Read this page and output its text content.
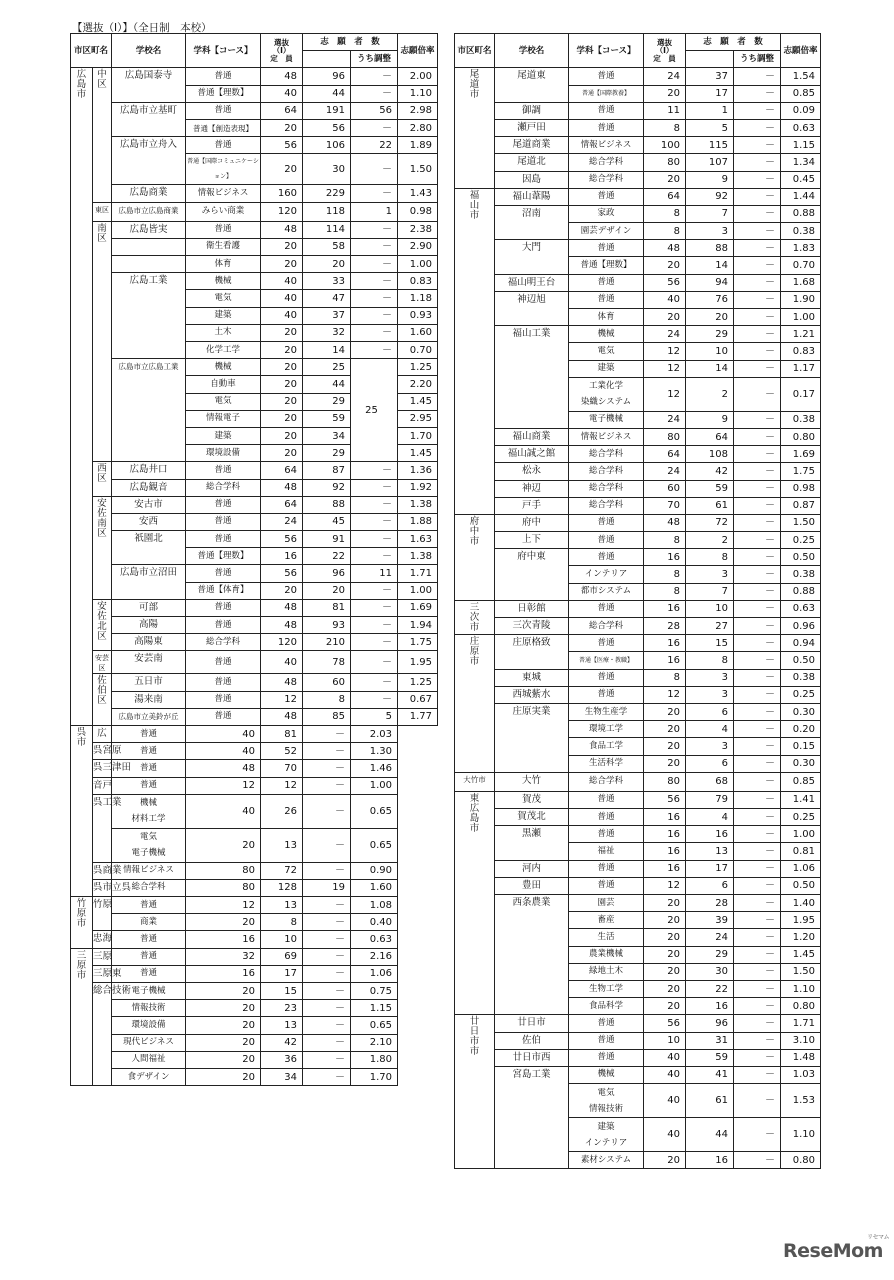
【選抜（Ⅰ）】（全日制　本校）
市区町名		学校名	学科【コース】	選抜
（Ⅰ）
定　員	志　願　者　数		志願倍率
						うち調整	
広
島
市	中
区	広島国泰寺	普通	48	96	－	2.00
			普通【理数】	40	44	－	1.10
		広島市立基町	普通	64	191	56	2.98
			普通【創造表現】	20	56	－	2.80
		広島市立舟入	普通	56	106	22	1.89
			普通【国際コミュニケーション】	20	30	－	1.50
		広島商業	情報ビジネス	160	229	－	1.43
	東区	広島市立広島商業	みらい商業	120	118	1	0.98
	南
区	広島皆実	普通	48	114	－	2.38
			衛生看護	20	58	－	2.90
			体育	20	20	－	1.00
		広島工業	機械	40	33	－	0.83
			電気	40	47	－	1.18
			建築	40	37	－	0.93
			土木	20	32	－	1.60
			化学工学	20	14	－	0.70
		広島市立広島工業	機械	20	25	25	1.25
			自動車	20	44		2.20
			電気	20	29		1.45
			情報電子	20	59		2.95
			建築	20	34		1.70
			環境設備	20	29		1.45
	西
区	広島井口	普通	64	87	－	1.36
		広島観音	総合学科	48	92	－	1.92
	安
佐
南
区	安古市	普通	64	88	－	1.38
		安西	普通	24	45	－	1.88
		祇園北	普通	56	91	－	1.63
			普通【理数】	16	22	－	1.38
		広島市立沼田	普通	56	96	11	1.71
			普通【体育】	20	20	－	1.00
	安
佐
北
区	可部	普通	48	81	－	1.69
		高陽	普通	48	93	－	1.94
		高陽東	総合学科	120	210	－	1.75
	安芸
区	安芸南	普通	40	78	－	1.95
	佐
伯
区	五日市	普通	48	60	－	1.25
		湯来南	普通	12	8	－	0.67
		広島市立美鈴が丘	普通	48	85	5	1.77
呉
市	広	普通	40	81	－	2.03	
	呉宮原	普通	40	52	－	1.30	
	呉三津田	普通	48	70	－	1.46	
	音戸	普通	12	12	－	1.00	
	呉工業	機械
材料工学	40	26	－	0.65	
		電気
電子機械	20	13	－	0.65	
	呉商業	情報ビジネス	80	72	－	0.90	
	呉市立呉	総合学科	80	128	19	1.60	
竹
原
市	竹原	普通	12	13	－	1.08	
		商業	20	8	－	0.40	
	忠海	普通	16	10	－	0.63	
三
原
市	三原	普通	32	69	－	2.16	
	三原東	普通	16	17	－	1.06	
	総合技術	電子機械	20	15	－	0.75	
		情報技術	20	23	－	1.15	
		環境設備	20	13	－	0.65	
		現代ビジネス	20	42	－	2.10	
		人間福祉	20	36	－	1.80	
		食デザイン	20	34	－	1.70	
市区町名	学校名	学科【コース】	選抜
（Ⅰ）
定　員	志　願　者　数		志願倍率
					うち調整	
尾
道
市	尾道東	普通	24	37	－	1.54
		普通【国際教養】	20	17	－	0.85
	御調	普通	11	1	－	0.09
	瀬戸田	普通	8	5	－	0.63
	尾道商業	情報ビジネス	100	115	－	1.15
	尾道北	総合学科	80	107	－	1.34
	因島	総合学科	20	9	－	0.45
福
山
市	福山葦陽	普通	64	92	－	1.44
	沼南	家政	8	7	－	0.88
		園芸デザイン	8	3	－	0.38
	大門	普通	48	88	－	1.83
		普通【理数】	20	14	－	0.70
	福山明王台	普通	56	94	－	1.68
	神辺旭	普通	40	76	－	1.90
		体育	20	20	－	1.00
	福山工業	機械	24	29	－	1.21
		電気	12	10	－	0.83
		建築	12	14	－	1.17
		工業化学
染織システム	12	2	－	0.17
		電子機械	24	9	－	0.38
	福山商業	情報ビジネス	80	64	－	0.80
	福山誠之館	総合学科	64	108	－	1.69
	松永	総合学科	24	42	－	1.75
	神辺	総合学科	60	59	－	0.98
	戸手	総合学科	70	61	－	0.87
府
中
市	府中	普通	48	72	－	1.50
	上下	普通	8	2	－	0.25
	府中東	普通	16	8	－	0.50
		インテリア	8	3	－	0.38
		都市システム	8	7	－	0.88
三
次
市	日彰館	普通	16	10	－	0.63
	三次青陵	総合学科	28	27	－	0.96
庄
原
市	庄原格致	普通	16	15	－	0.94
		普通【医療・教職】	16	8	－	0.50
	東城	普通	8	3	－	0.38
	西城紫水	普通	12	3	－	0.25
	庄原実業	生物生産学	20	6	－	0.30
		環境工学	20	4	－	0.20
		食品工学	20	3	－	0.15
		生活科学	20	6	－	0.30
大竹市	大竹	総合学科	80	68	－	0.85
東
広
島
市	賀茂	普通	56	79	－	1.41
	賀茂北	普通	16	4	－	0.25
	黒瀬	普通	16	16	－	1.00
		福祉	16	13	－	0.81
	河内	普通	16	17	－	1.06
	豊田	普通	12	6	－	0.50
	西条農業	園芸	20	28	－	1.40
		畜産	20	39	－	1.95
		生活	20	24	－	1.20
		農業機械	20	29	－	1.45
		緑地土木	20	30	－	1.50
		生物工学	20	22	－	1.10
		食品科学	20	16	－	0.80
廿
日
市
市	廿日市	普通	56	96	－	1.71
	佐伯	普通	10	31	－	3.10
	廿日市西	普通	40	59	－	1.48
	宮島工業	機械	40	41	－	1.03
		電気
情報技術	40	61	－	1.53
		建築
インテリア	40	44	－	1.10
		素材システム	20	16	－	0.80
ReseMom
リセマム
